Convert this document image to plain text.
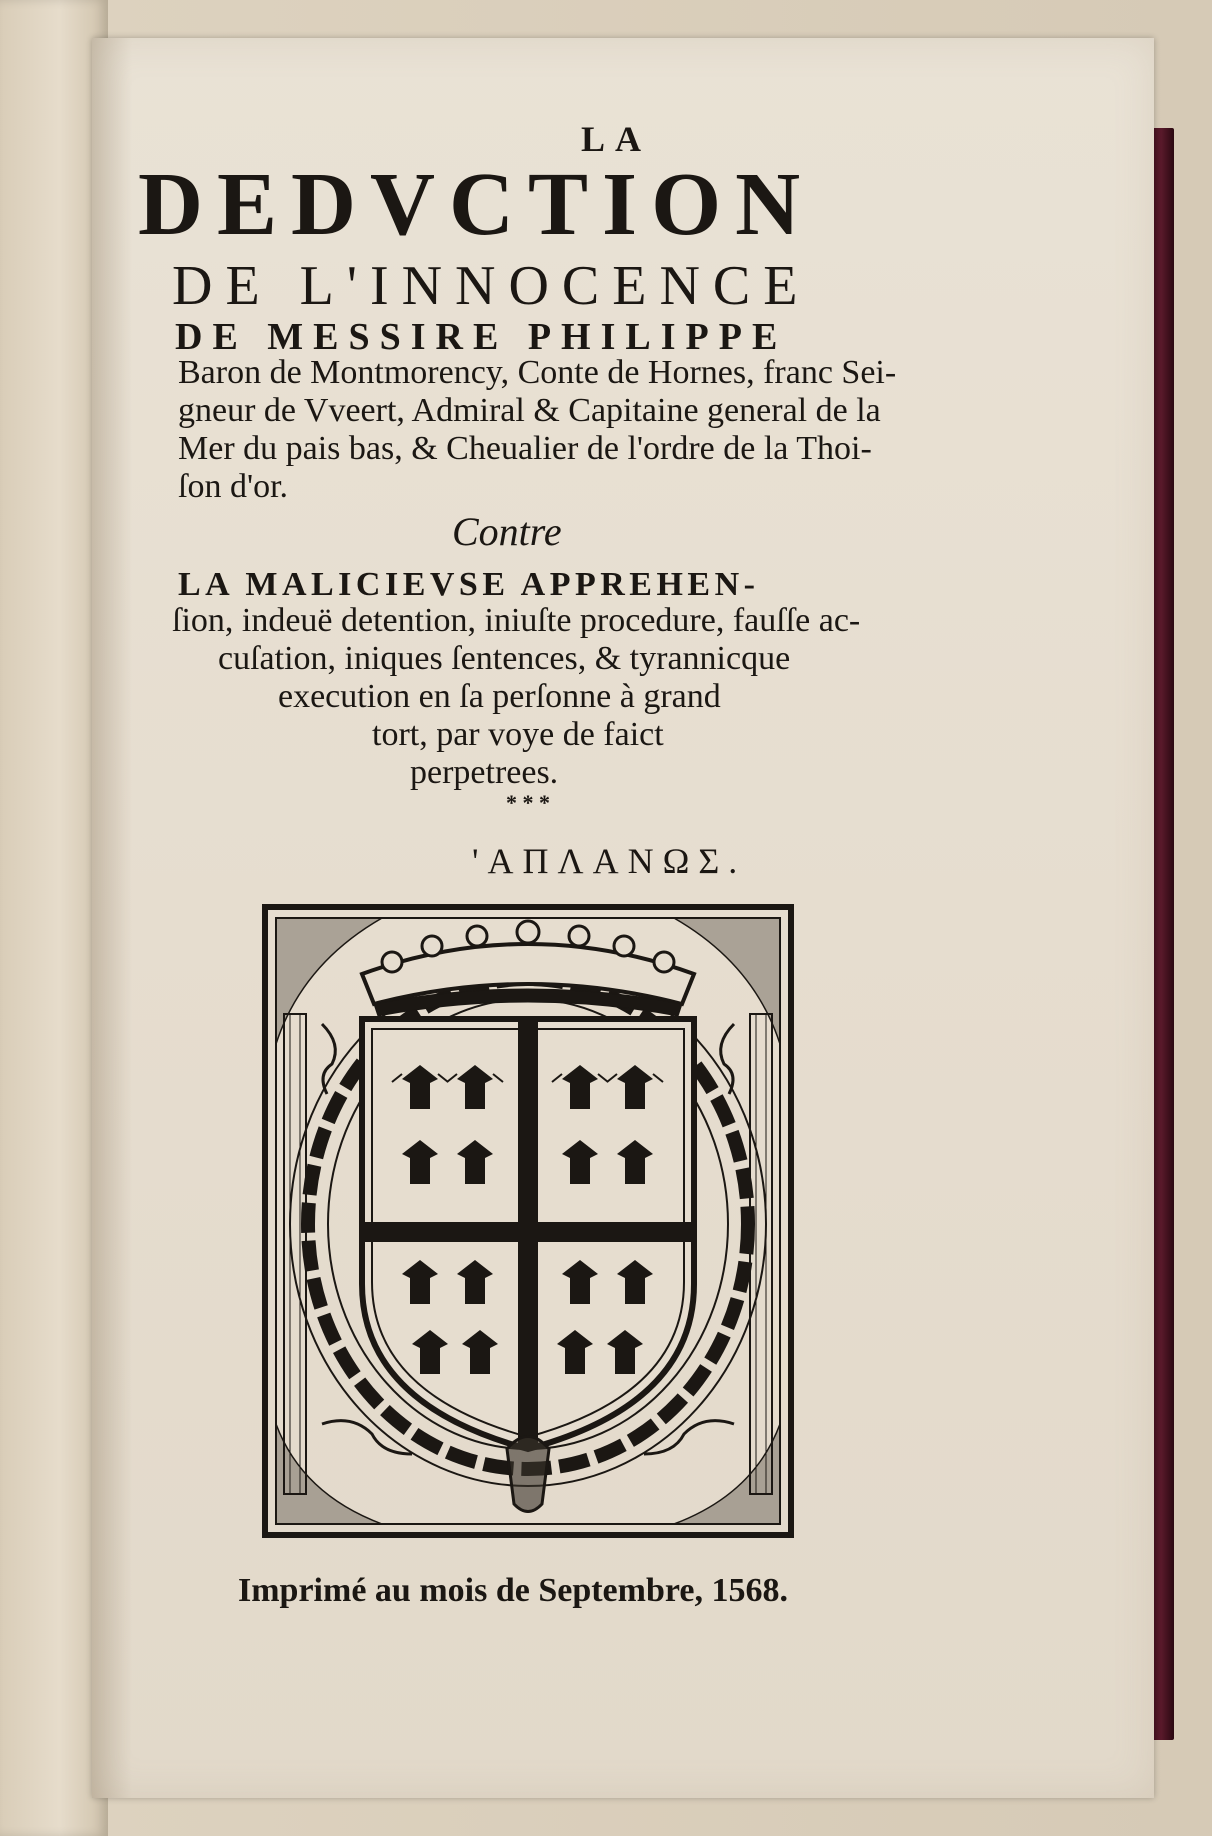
LA
DEDVCTION
DE L'INNOCENCE
DE MESSIRE PHILIPPE
Baron de Montmorency, Conte de Hornes, franc Sei-
gneur de Vveert, Admiral & Capitaine general de la
Mer du pais bas, & Cheualier de l'ordre de la Thoi-
ſon d'or.
Contre
LA MALICIEVSE APPREHEN-
ſion, indeuë detention, iniuſte procedure, fauſſe ac-
cuſation, iniques ſentences, & tyrannicque
execution en ſa perſonne à grand
tort, par voye de faict
perpetrees.
* * *
'ΑΠΛΑΝΩΣ.
Imprimé au mois de Septembre, 1568.
